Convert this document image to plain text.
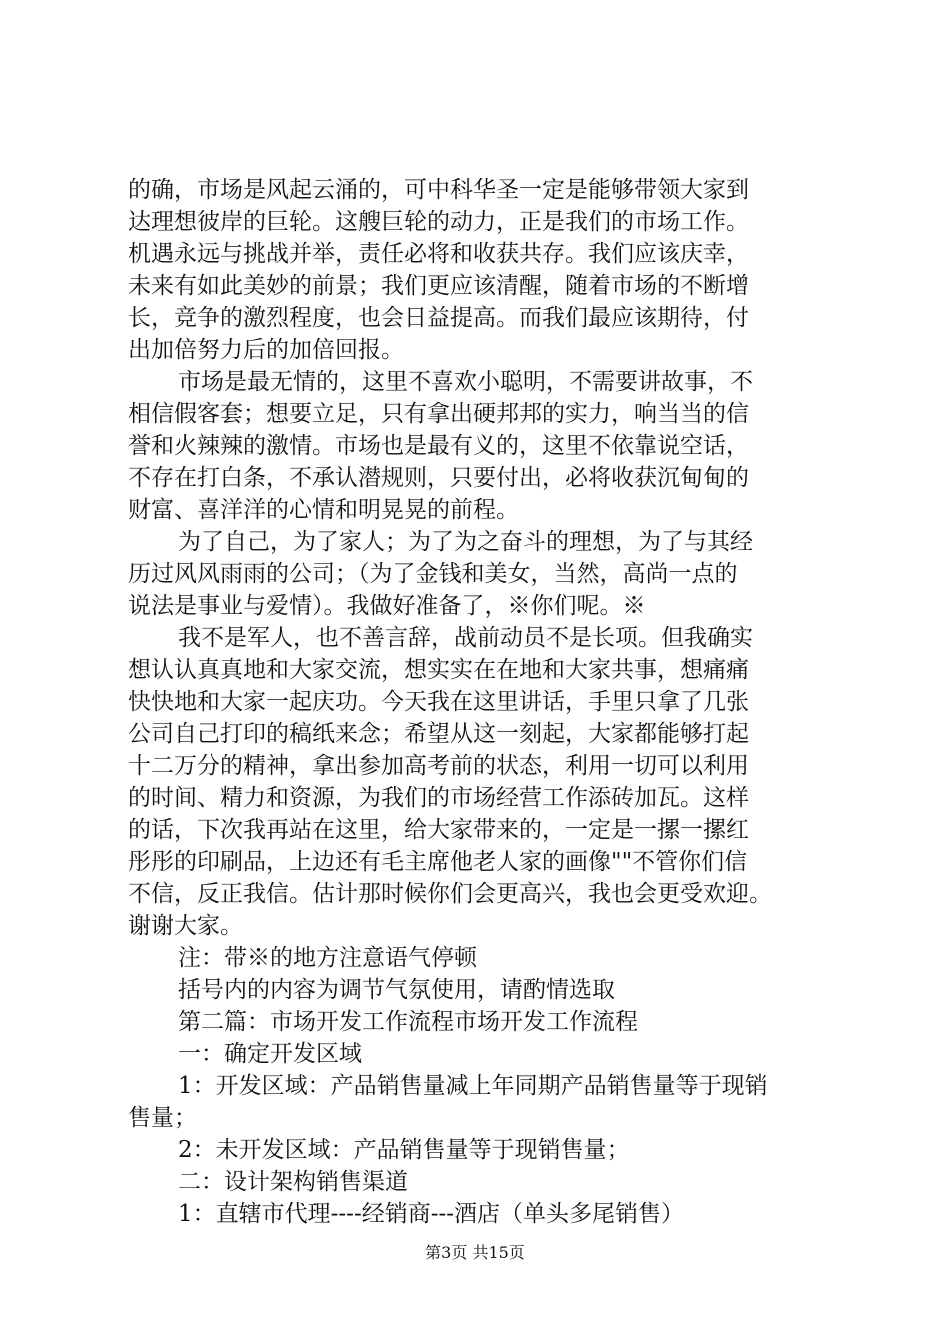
的确，市场是风起云涌的，可中科华圣一定是能够带领大家到
达理想彼岸的巨轮。这艘巨轮的动力，正是我们的市场工作。
机遇永远与挑战并举，责任必将和收获共存。我们应该庆幸，
未来有如此美妙的前景；我们更应该清醒，随着市场的不断增
长，竞争的激烈程度，也会日益提高。而我们最应该期待，付
出加倍努力后的加倍回报。
市场是最无情的，这里不喜欢小聪明，不需要讲故事，不
相信假客套；想要立足，只有拿出硬邦邦的实力，响当当的信
誉和火辣辣的激情。市场也是最有义的，这里不依靠说空话，
不存在打白条，不承认潜规则，只要付出，必将收获沉甸甸的
财富、喜洋洋的心情和明晃晃的前程。
为了自己，为了家人；为了为之奋斗的理想，为了与其经
历过风风雨雨的公司；（为了金钱和美女，当然，高尚一点的
说法是事业与爱情）。我做好准备了，※你们呢。※
我不是军人，也不善言辞，战前动员不是长项。但我确实
想认认真真地和大家交流，想实实在在地和大家共事，想痛痛
快快地和大家一起庆功。今天我在这里讲话，手里只拿了几张
公司自己打印的稿纸来念；希望从这一刻起，大家都能够打起
十二万分的精神，拿出参加高考前的状态，利用一切可以利用
的时间、精力和资源，为我们的市场经营工作添砖加瓦。这样
的话，下次我再站在这里，给大家带来的，一定是一摞一摞红
彤彤的印刷品，上边还有毛主席他老人家的画像""不管你们信
不信，反正我信。估计那时候你们会更高兴，我也会更受欢迎。
谢谢大家。
注：带※的地方注意语气停顿
括号内的内容为调节气氛使用，请酌情选取
第二篇：市场开发工作流程市场开发工作流程
一：确定开发区域
1：开发区域：产品销售量减上年同期产品销售量等于现销
售量；
2：未开发区域：产品销售量等于现销售量；
二：设计架构销售渠道
1：直辖市代理----经销商---酒店（单头多尾销售）
第3页 共15页
